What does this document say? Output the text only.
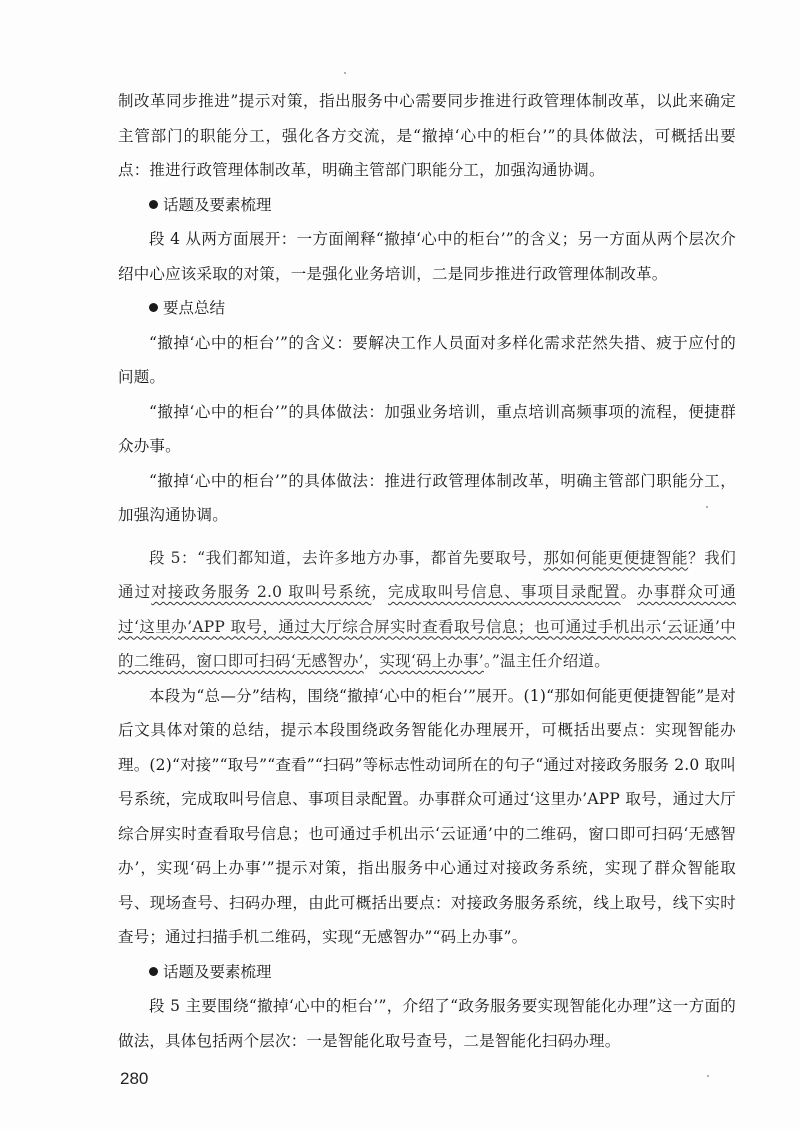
制改革同步推进”提示对策，指出服务中心需要同步推进行政管理体制改革，以此来确定主管部门的职能分工，强化各方交流，是“撤掉‘心中的柜台’”的具体做法，可概括出要点：推进行政管理体制改革，明确主管部门职能分工，加强沟通协调。

话题及要素梳理

段 4 从两方面展开：一方面阐释“撤掉‘心中的柜台’”的含义；另一方面从两个层次介绍中心应该采取的对策，一是强化业务培训，二是同步推进行政管理体制改革。

要点总结

“撤掉‘心中的柜台’”的含义：要解决工作人员面对多样化需求茫然失措、疲于应付的问题。

“撤掉‘心中的柜台’”的具体做法：加强业务培训，重点培训高频事项的流程，便捷群众办事。

“撤掉‘心中的柜台’”的具体做法：推进行政管理体制改革，明确主管部门职能分工，加强沟通协调。

段 5：“我们都知道，去许多地方办事，都首先要取号，那如何能更便捷智能？我们通过对接政务服务 2.0 取叫号系统，完成取叫号信息、事项目录配置。办事群众可通过‘这里办’APP 取号，通过大厅综合屏实时查看取号信息；也可通过手机出示‘云证通’中的二维码，窗口即可扫码‘无感智办’，实现‘码上办事’。”温主任介绍道。

本段为“总—分”结构，围绕“撤掉‘心中的柜台’”展开。(1)“那如何能更便捷智能”是对后文具体对策的总结，提示本段围绕政务智能化办理展开，可概括出要点：实现智能办理。(2)“对接”“取号”“查看”“扫码”等标志性动词所在的句子“通过对接政务服务 2.0 取叫号系统，完成取叫号信息、事项目录配置。办事群众可通过‘这里办’APP 取号，通过大厅综合屏实时查看取号信息；也可通过手机出示‘云证通’中的二维码，窗口即可扫码‘无感智办’，实现‘码上办事’”提示对策，指出服务中心通过对接政务系统，实现了群众智能取号、现场查号、扫码办理，由此可概括出要点：对接政务服务系统，线上取号，线下实时查号；通过扫描手机二维码，实现“无感智办”“码上办事”。

话题及要素梳理

段 5 主要围绕“撤掉‘心中的柜台’”，介绍了“政务服务要实现智能化办理”这一方面的做法，具体包括两个层次：一是智能化取号查号，二是智能化扫码办理。

280
